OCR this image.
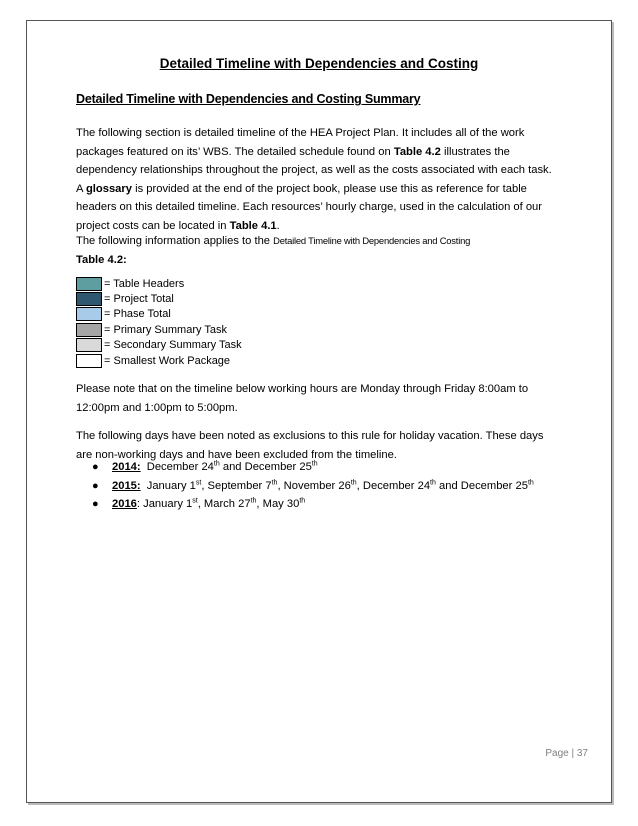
Detailed Timeline with Dependencies and Costing
Detailed Timeline with Dependencies and Costing Summary
The following section is detailed timeline of the HEA Project Plan. It includes all of the work packages featured on its’ WBS. The detailed schedule found on Table 4.2 illustrates the dependency relationships throughout the project, as well as the costs associated with each task. A glossary is provided at the end of the project book, please use this as reference for table headers on this detailed timeline. Each resources’ hourly charge, used in the calculation of our project costs can be located in Table 4.1.
The following information applies to the Detailed Timeline with Dependencies and Costing
Table 4.2:
= Table Headers
= Project Total
= Phase Total
= Primary Summary Task
= Secondary Summary Task
= Smallest Work Package
Please note that on the timeline below working hours are Monday through Friday 8:00am to 12:00pm and 1:00pm to 5:00pm.
The following days have been noted as exclusions to this rule for holiday vacation. These days are non-working days and have been excluded from the timeline.
●	2014: December 24th and December 25th
●	2015: January 1st, September 7th, November 26th, December 24th and December 25th
●	2016: January 1st, March 27th, May 30th
Page | 37
